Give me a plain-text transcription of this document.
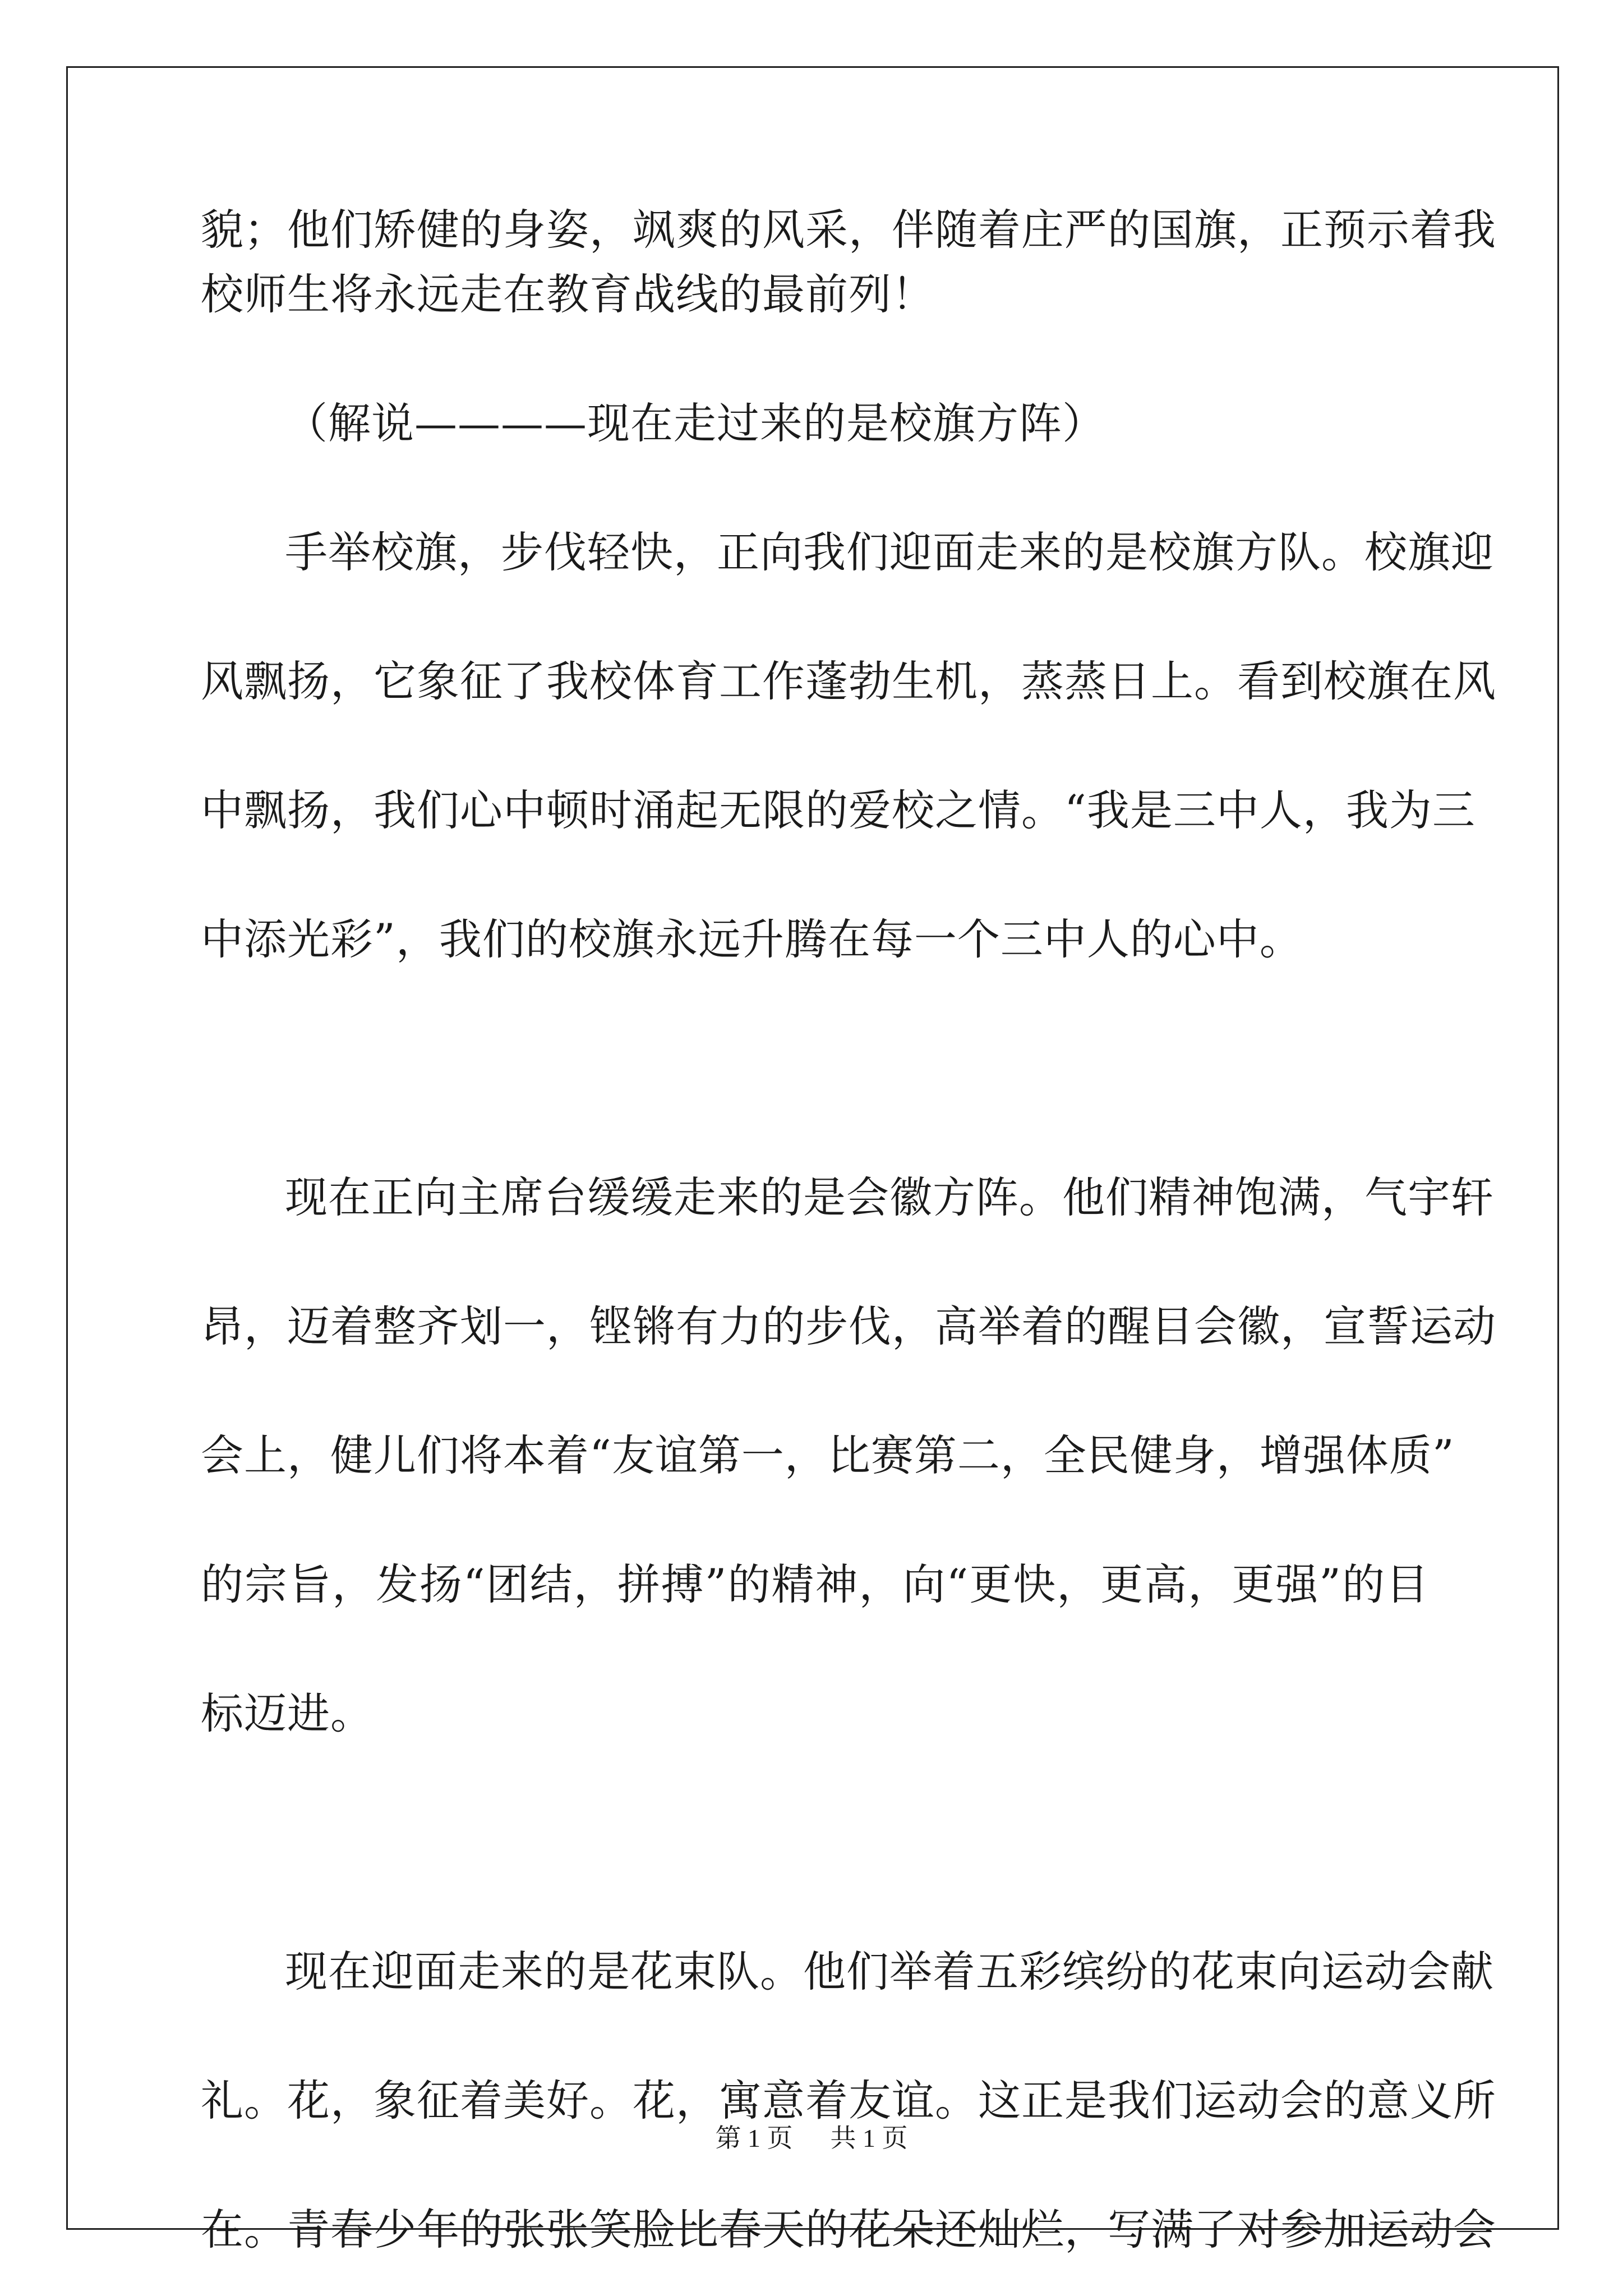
貌；他们矫健的身姿，飒爽的风采，伴随着庄严的国旗，正预示着我

校师生将永远走在教育战线的最前列！

（解说————现在走过来的是校旗方阵）

手举校旗，步伐轻快，正向我们迎面走来的是校旗方队。校旗迎

风飘扬，它象征了我校体育工作蓬勃生机，蒸蒸日上。看到校旗在风

中飘扬，我们心中顿时涌起无限的爱校之情。“我是三中人，我为三

中添光彩”，我们的校旗永远升腾在每一个三中人的心中。

现在正向主席台缓缓走来的是会徽方阵。他们精神饱满，气宇轩

昂，迈着整齐划一，铿锵有力的步伐，高举着的醒目会徽，宣誓运动

会上，健儿们将本着“友谊第一，比赛第二，全民健身，增强体质”

的宗旨，发扬“团结，拼搏”的精神，向“更快，更高，更强”的目

标迈进。

现在迎面走来的是花束队。他们举着五彩缤纷的花束向运动会献

礼。花，象征着美好。花，寓意着友谊。这正是我们运动会的意义所

在。青春少年的张张笑脸比春天的花朵还灿烂，写满了对参加运动会

第 1 页 共 1 页
